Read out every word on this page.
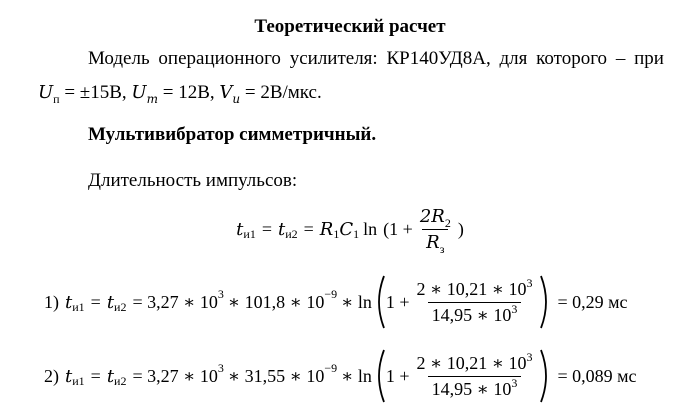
Теоретический расчет
Модель операционного усилителя: КР140УД8А, для которого – при
$U_п = \pm 15В$, $U_m = 12В$, $V_u = 2В/мкс$.
Мультивибратор симметричный.
Длительность импульсов:
t и1 = t и2 = R 1 C 1 $\ln (1 + \frac{2R_2}{R_з}$ )
1) t и1 = t и2 = 3,27 ∗ 10 3 ∗ 101,8 ∗ 10 −9 ∗ $\ln 1 + \frac{2 ∗ 10,21 ∗ 10^3}{14,95 ∗ 10^3} = 0,29$ мс
2) t и1 = t и2 = 3,27 ∗ 10 3 ∗ 31,55 ∗ 10 −9 ∗ $\ln 1 + \frac{2 ∗ 10,21 ∗ 10^3}{14,95 ∗ 10^3} = 0,089$ мс
